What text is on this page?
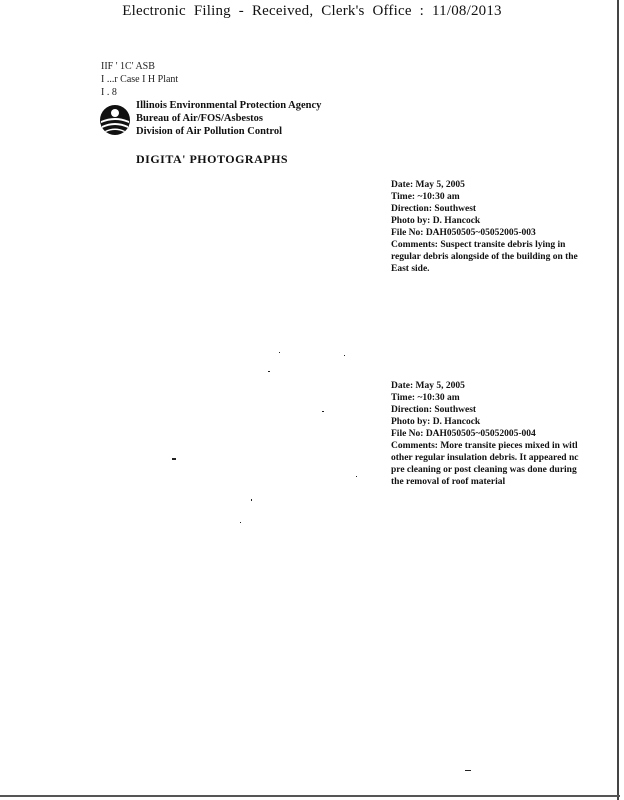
Electronic Filing - Received, Clerk's Office : 11/08/2013
IIF ' 1C' ASB
I ...r Case I H Plant
I . 8
Illinois Environmental Protection Agency
Bureau of Air/FOS/Asbestos
Division of Air Pollution Control
DIGITA' PHOTOGRAPHS
Date: May 5, 2005
Time: ~10:30 am
Direction: Southwest
Photo by: D. Hancock
File No: DAH050505~05052005-003
Comments: Suspect transite debris lying in
regular debris alongside of the building on the
East side.
Date: May 5, 2005
Time: ~10:30 am
Direction: Southwest
Photo by: D. Hancock
File No: DAH050505~05052005-004
Comments: More transite pieces mixed in witl
other regular insulation debris. It appeared nc
pre cleaning or post cleaning was done during
the removal of roof material
